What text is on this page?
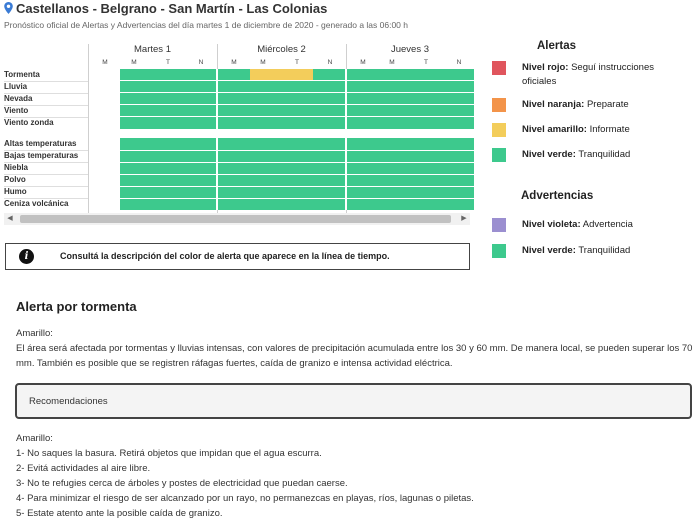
Castellanos - Belgrano - San Martín - Las Colonias
Pronóstico oficial de Alertas y Advertencias del día martes 1 de diciembre de 2020 - generado a las 06:00 h
Martes 1	Miércoles 2	Jueves 3
M	M	T	N	M	M	T	N	M	M	T	N
Tormenta
Lluvia
Nevada
Viento
Viento zonda
Altas temperaturas
Bajas temperaturas
Niebla
Polvo
Humo
Ceniza volcánica
◀	▶
i	Consultá la descripción del color de alerta que aparece en la línea de tiempo.
Alertas
Nivel rojo: Seguí instrucciones oficiales
Nivel naranja: Preparate
Nivel amarillo: Informate
Nivel verde: Tranquilidad
Advertencias
Nivel violeta: Advertencia
Nivel verde: Tranquilidad
Alerta por tormenta
Amarillo:
El área será afectada por tormentas y lluvias intensas, con valores de precipitación acumulada entre los 30 y 60 mm. De manera local, se pueden superar los 70 mm. También es posible que se registren ráfagas fuertes, caída de granizo e intensa actividad eléctrica.
Recomendaciones
Amarillo:
1- No saques la basura. Retirá objetos que impidan que el agua escurra.
2- Evitá actividades al aire libre.
3- No te refugies cerca de árboles y postes de electricidad que puedan caerse.
4- Para minimizar el riesgo de ser alcanzado por un rayo, no permanezcas en playas, ríos, lagunas o piletas.
5- Estate atento ante la posible caída de granizo.
